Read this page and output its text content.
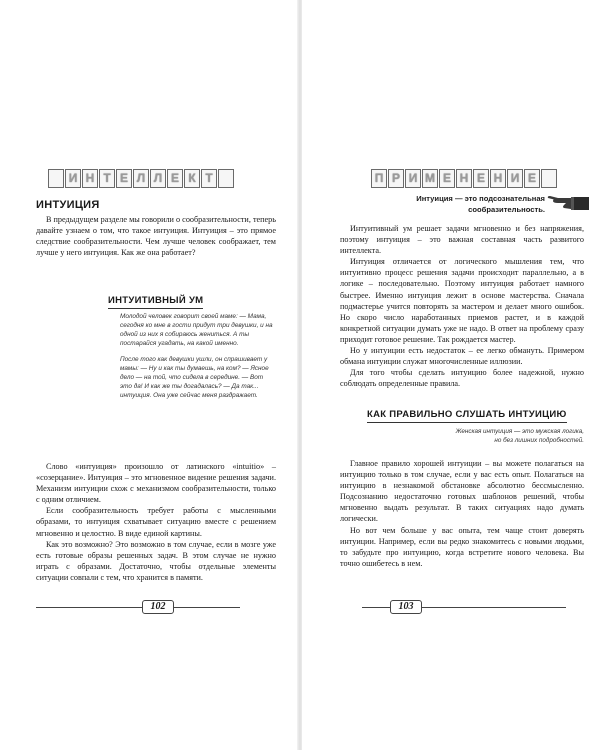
И Н Т Е Л Л Е К Т
ИНТУИЦИЯ

В предыдущем разделе мы говорили о сообразительности, теперь давайте узнаем о том, что такое интуиция. Интуиция – это прямое следствие сообразительности. Чем лучше человек соображает, тем лучше у него интуиция. Как же она работает?

ИНТУИТИВНЫЙ УМ

Молодой человек говорит своей маме: — Мама, сегодня ко мне в гости придут три девушки, и на одной из них я собираюсь жениться. А ты постарайся угадать, на какой именно.

После того как девушки ушли, он спрашивает у мамы: — Ну и как ты думаешь, на ком? — Ясное дело — на той, что сидела в середине. — Вот это да! И как же ты догадалась? — Да так... интуиция. Она уже сейчас меня раздражает.

Слово «интуиция» произошло от латинского «intuitio» – «созерцание». Интуиция – это мгновенное видение решения задачи. Механизм интуиции схож с механизмом сообразительности, только с одним отличием.

Если сообразительность требует работы с мысленными образами, то интуиция схватывает ситуацию вместе с решением мгновенно и целостно. В виде единой картины.

Как это возможно? Это возможно в том случае, если в мозге уже есть готовые образы решенных задач. В этом случае не нужно играть с образами. Достаточно, чтобы отдельные элементы ситуации совпали с тем, что хранится в памяти.

102
П Р И М Е Н Е Н И Е
Интуиция — это подсознательная
сообразительность.

Интуитивный ум решает задачи мгновенно и без напряжения, поэтому интуиция – это важная составная часть развитого интеллекта.

Интуиция отличается от логического мышления тем, что интуитивно процесс решения задачи происходит параллельно, а в логике – последовательно. Поэтому интуиция работает намного быстрее. Именно интуиция лежит в основе мастерства. Сначала подмастерье учится повторять за мастером и делает много ошибок. Но скоро число наработанных приемов растет, и в каждой конкретной ситуации думать уже не надо. В ответ на проблему сразу приходит готовое решение. Так рождается мастер.

Но у интуиции есть недостаток – ее легко обмануть. Примером обмана интуиции служат многочисленные иллюзии.

Для того чтобы сделать интуицию более надежной, нужно соблюдать определенные правила.

КАК ПРАВИЛЬНО СЛУШАТЬ ИНТУИЦИЮ
Женская интуиция — это мужская логика,
но без лишних подробностей.

Главное правило хорошей интуиции – вы можете полагаться на интуицию только в том случае, если у вас есть опыт. Полагаться на интуицию в незнакомой обстановке абсолютно бессмысленно. Подсознанию недостаточно готовых шаблонов решений, чтобы мгновенно выдать результат. В таких ситуациях надо думать логически.

Но вот чем больше у вас опыта, тем чаще стоит доверять интуиции. Например, если вы редко знакомитесь с новыми людьми, то забудьте про интуицию, когда встретите нового человека. Вы точно ошибетесь в нем.

103
